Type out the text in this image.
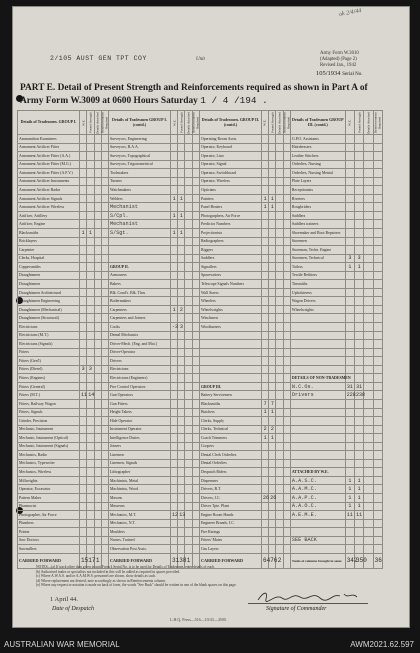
ok 2/4/44
2/105 AUST GEN TPT COY	Unit
Army Form W.3010
(Adapted) (Page 2)
Revised Jan., 1942
105/1934 Serial No.
PART E. Detail of Present Strength and Reinforcements required as shown in Part A of Army Form W.3009 at 0600 Hours Saturday 1 / 4 /194 .
Details of Tradesmen. GROUP I.	W.E.	Posted Strength	Details Attached	Reinforcements Required	Details of Tradesmen GROUP I. (contd.)	W.E.	Posted Strength	Details Attached	Reinforcements Required	Details of Tradesmen. GROUP II. (contd.)	W.E.	Posted Strength	Details Attached	Reinforcements Required	Details of Tradesmen GROUP III. (contd.)	W.E.	Posted Strength	Details Attached	Reinforcements Required
Ammunition Examiners					Surveyors, Engineering					Operating Room Assts.					G.P.O. Assistants				
Armament Artificer Fitter					Surveyors, R.A.A.					Operator, Keyboard					Hairdressers				
Armament Artificer Fitter (A.A.)					Surveyors, Topographical					Operator, Lino					Leather Stitchers				
Armament Artificer Fitter (M.G.)					Surveyors, Trigonometrical					Operator, Signal					Orderlies, Nursing				
Armament Artificer Fitter (A.F.V.)					Toolmakers					Operator, Switchboard					Orderlies, Nursing Mental				
Armament Artificer Instruments					Turners					Operator, Wireless					Plate Layers				
Armament Artificer Radar					Watchmakers					Opticians					Receptionists				
Armament Artificer Signals					Welders	1	1			Painters	1	1			Riveters				
Armament Artificer Wireless					Mechanist					Panel Beaters	1	1			Roughriders				
Artificer, Artillery					S/Cpl.	1	1			Photographers, Air Force					Saddlers				
Artificer, Engine					Mechanist					Predictor Numbers					Saddlers trainees				
Blacksmiths	1	1			S/Sgt.	1	1			Projectionists					Shoemaker and Boot Repairers				
Bricklayers										Radiographers					Storemen				
Carpenter										Riggers					Storeman, Techn. Engine				
Clerks, Hospital										Saddlers					Storemen, Technical	3	3		
Coppersmiths					GROUP II.					Signallers					Tailors	1	1		
Draughtsmen					Armourers					Spacewriters					Textile Refitters				
Draughtsmen					Bakers					Telescope Signals Numbers					Tinsmiths				
Draughtsmen Architectural					Blk. Cond's. Blk. Thru					Wall Sizers					Upholsterers				
Draughtsmen Engineering					Boilermakers					Wheelers					Wagon Drivers				
Draughtsmen (Mechanical)					Carpenters	1	2			Wheelwrights					Wheelwrights				
Draughtsmen (Structural)					Carpenters and Joiners					Winchmen									
Electricians					Cooks	-3	3			Woodturners									
Electricians (M.T.)					Dental Mechanics														
Electricians (Signals)					Driver-Mech. (Eng. and Mot.)														
Fitters					Driver-Operator														
Fitters (Gen'l)					Drivers														
Fitters (Diesel)	3	3			Electricians														
Fitters (Engines)					Electricians (Engineers)										DETAILS OF NON-TRADESMEN				
Fitters (General)					Fire Control Operators					GROUP III.					N.C.Os.	31	31		
Fitters (M.T.)	11	14			Gun Operators					Battery Servicemen					Drivers	228	238		
Fitters, Railway Wagon					Gun Fitters					Blacksmiths	7	7							
Fitters, Signals					Height Takers					Butchers	1	1							
Grinder, Precision					Hide Operator					Clerks, Supply									
Mechanic, Instrument					Instrument Operator					Clerks, Technical	2	2							
Mechanic, Instrument (Optical)					Intelligence Duties					Coach Trimmers	1	1							
Mechanic, Instrument (Signals)					Joiners					Coopers									
Mechanics, Radio					Linemen					Dental Clerk Orderlies									
Mechanics, Typewriter					Linemen, Signals					Dental Orderlies									
Mechanics, Wireless					Lithographer					Despatch Riders					ATTACHED BY W.E.				
Millwrights					Machinists, Metal					Dispensers					A.A.S.C.	1	1		
Operator, Excavator					Machinists, Wood					Drivers, R.T.					A.A.M.C.	1	1		
Pattern Maker					Masons					Drivers, I.C.	26	26			A.A.P.C.	1	1		
Pharmacist					Masseurs					Driver Tpte. Plant					A.A.O.C.	1	1		
Photographer, Air Force					Mechanics, M.T.	12	13			Engine Room Hands					A.E.M.E.	11	11		
Plumbers					Mechanics, N.T.					Engineer Brands, I.C.									
Printer					Moulders					Fire Ratings									
Saw Doctors					Nurses, Trained					Fitters' Mates					SEE BACK				
Sawmillers					Observation Post Assts.					Gas Layers									
CARRIED FORWARD	15	17	1		CARRIED FORWARD	31	38	1		CARRIED FORWARD	64	76	2		Totals of columns brought in same	342	350		36
NOTES—(a) If track other than given in unit Form 4 Serial No. is to be used for Details of Tradesmen, enter details of each.
(b) Authorised trades or specialists not included in this will be added as required in spaces provided.
(c) Where A.W.A.S. and/or A.A.M.W.S. personnel are shown, show details as such.
(d) Where replacement not desired, note accordingly as shown in Reinforcements column.
(e) Where any request or notation is made on back of form, the words "See Back" should be written in one of the blank spaces on this page.
1 April 44.
Date of Despatch	Signature of Commander
L.H.Q. Press—516—10/43—4500.
AUSTRALIAN WAR MEMORIAL	AWM2021.62.597
